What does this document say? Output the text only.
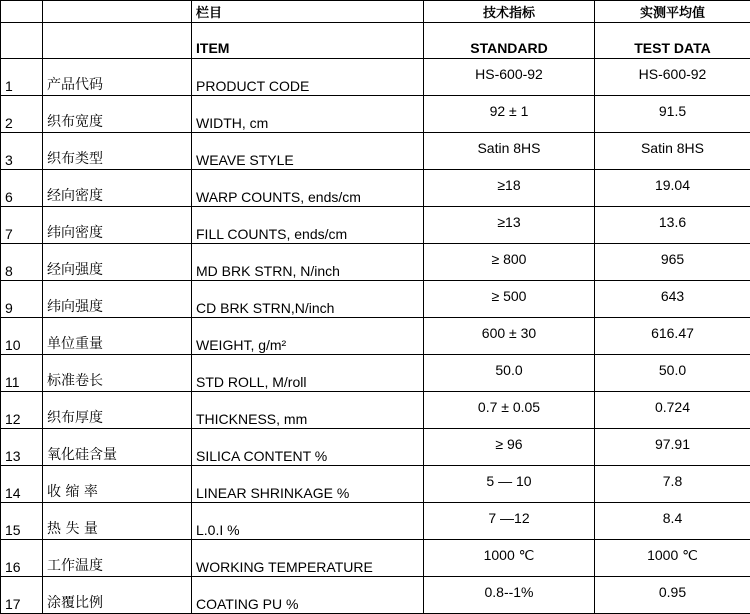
		栏目	技术指标	实测平均值
		ITEM	STANDARD	TEST DATA
1	产品代码	PRODUCT CODE	HS-600-92	HS-600-92
2	织布宽度	WIDTH, cm	92 ± 1	91.5
3	织布类型	WEAVE STYLE	Satin 8HS	Satin 8HS
6	经向密度	WARP COUNTS, ends/cm	≥18	19.04
7	纬向密度	FILL COUNTS, ends/cm	≥13	13.6
8	经向强度	MD BRK STRN, N/inch	≥ 800	965
9	纬向强度	CD BRK STRN,N/inch	≥ 500	643
10	单位重量	WEIGHT, g/m²	600 ± 30	616.47
11	标准卷长	STD ROLL, M/roll	50.0	50.0
12	织布厚度	THICKNESS, mm	0.7 ± 0.05	0.724
13	氧化硅含量	SILICA CONTENT %	≥ 96	97.91
14	收 缩 率	LINEAR SHRINKAGE %	5 — 10	7.8
15	热 失 量	L.0.I %	7 —12	8.4
16	工作温度	WORKING TEMPERATURE	1000 ℃	1000 ℃
17	涂覆比例	COATING PU %	0.8--1%	0.95
